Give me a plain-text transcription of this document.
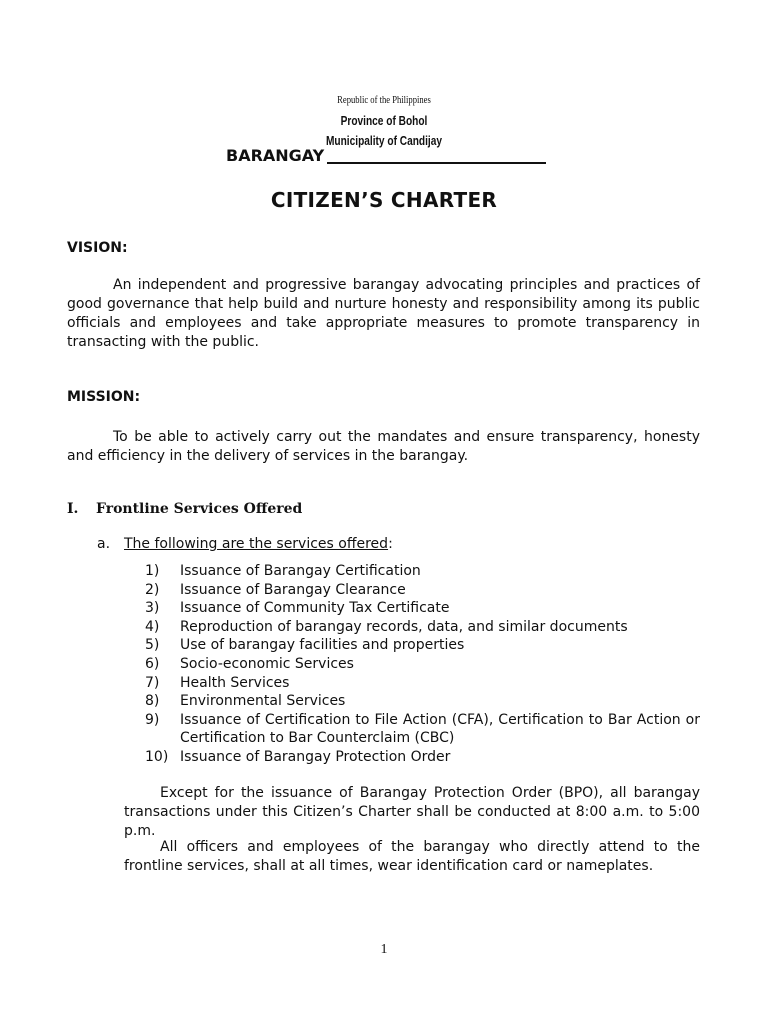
Republic of the Philippines
Province of Bohol
Municipality of Candijay
BARANGAY
CITIZEN’S CHARTER
VISION:
An independent and progressive barangay advocating principles and practices of good governance that help build and nurture honesty and responsibility among its public officials and employees and take appropriate measures to promote transparency in transacting with the public.
MISSION:
To be able to actively carry out the mandates and ensure transparency, honesty and efficiency in the delivery of services in the barangay.
I. Frontline Services Offered
a. The following are the services offered:
1)	Issuance of Barangay Certification
2)	Issuance of Barangay Clearance
3)	Issuance of Community Tax Certificate
4)	Reproduction of barangay records, data, and similar documents
5)	Use of barangay facilities and properties
6)	Socio-economic Services
7)	Health Services
8)	Environmental Services
9)	Issuance of Certification to File Action (CFA), Certification to Bar Action or Certification to Bar Counterclaim (CBC)
10) Issuance of Barangay Protection Order
Except for the issuance of Barangay Protection Order (BPO), all barangay transactions under this Citizen’s Charter shall be conducted at 8:00 a.m. to 5:00 p.m.
All officers and employees of the barangay who directly attend to the frontline services, shall at all times, wear identification card or nameplates.
1
